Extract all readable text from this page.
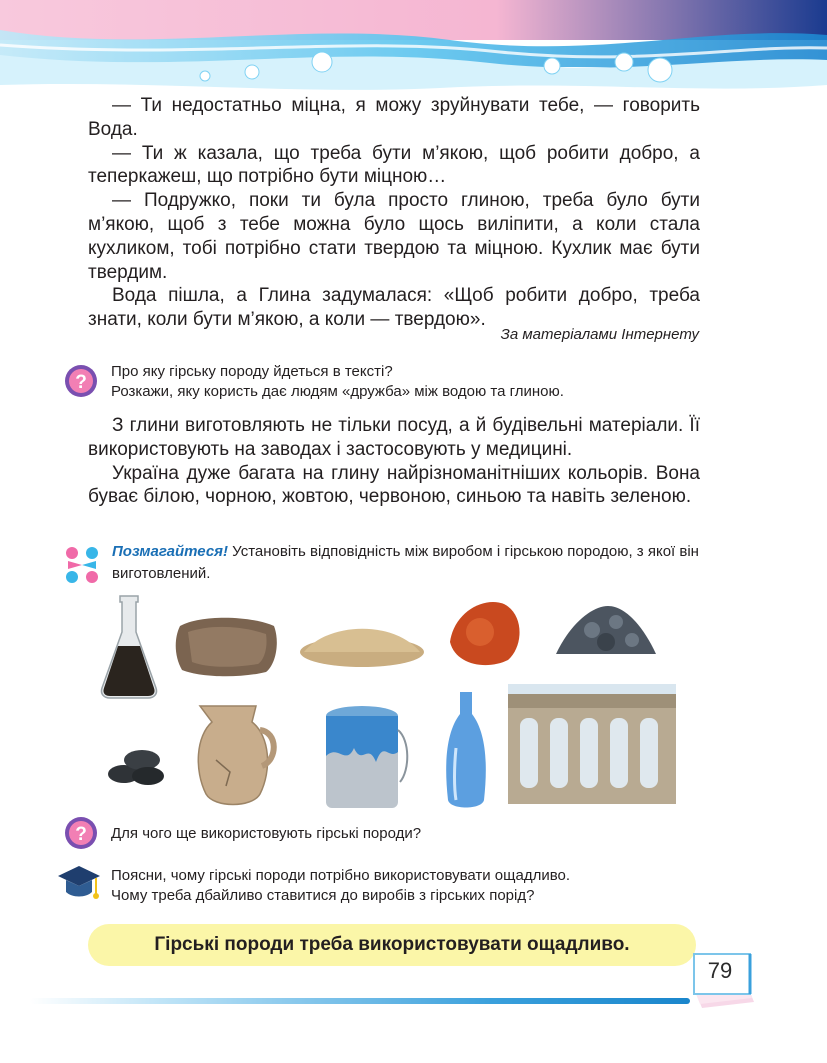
— Ти недостатньо міцна, я можу зруйнувати тебе, — говорить Вода.

— Ти ж казала, що треба бути м’якою, щоб робити добро, а теперкажеш, що потрібно бути міцною…

— Подружко, поки ти була просто глиною, треба було бути м’якою, щоб з тебе можна було щось виліпити, а коли стала кухликом, тобі потрібно стати твердою та міцною. Кухлик має бути твердим.

Вода пішла, а Глина задумалася: «Щоб робити добро, треба знати, коли бути м’якою, а коли — твердою».

За матеріалами Інтернету
?
Про яку гірську породу йдеться в тексті?
Розкажи, яку користь дає людям «дружба» між водою та глиною.

З глини виготовляють не тільки посуд, а й будівельні матеріали. Її використовують на заводах і застосовують у медицині.

Україна дуже багата на глину найрізноманітніших кольорів. Вона буває білою, чорною, жовтою, червоною, синьою та навіть зеленою.

Позмагайтеся! Установіть відповідність між виробом і гірською породою, з якої він виготовлений.
? Для чого ще використовують гірські породи?
Поясни, чому гірські породи потрібно використовувати ощадливо.
Чому треба дбайливо ставитися до виробів з гірських порід?
Гірські породи треба використовувати ощадливо.
79
